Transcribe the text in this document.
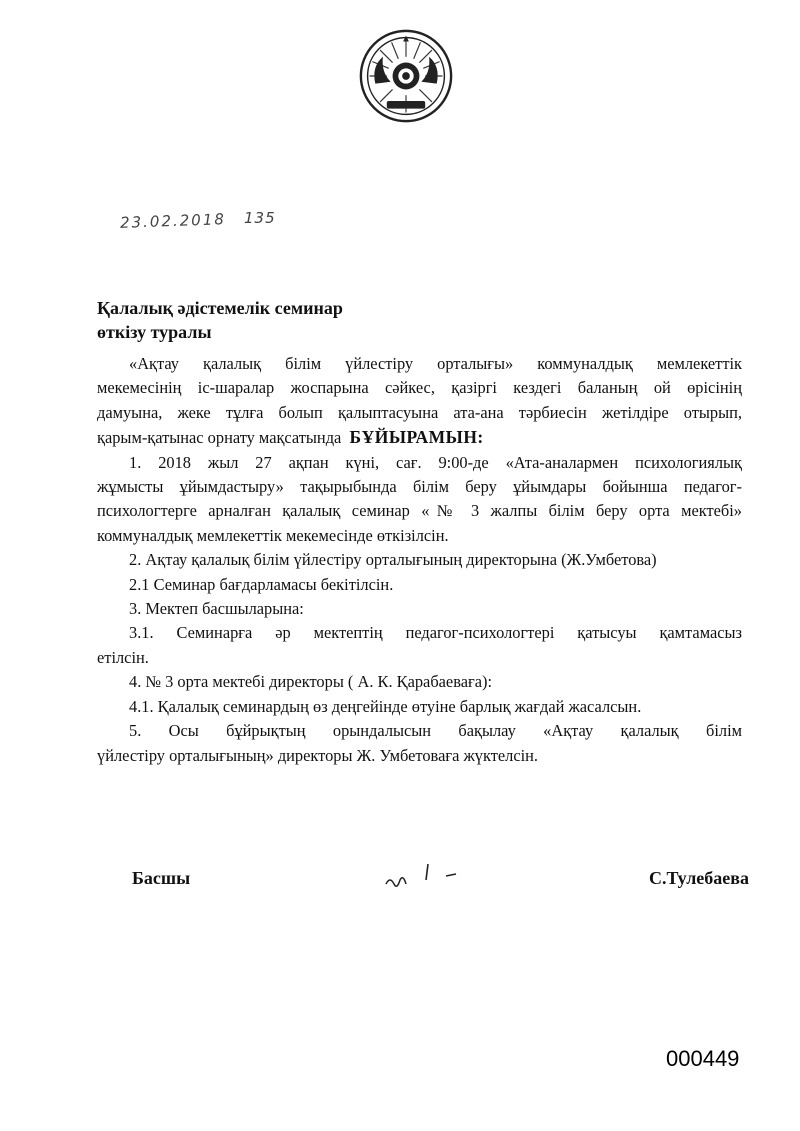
23.02.2018 135
Қалалық әдістемелік семинар
өткізу туралы

«Ақтау қалалық білім үйлестіру орталығы» коммуналдық мемлекеттік

мекемесінің іс-шаралар жоспарына сәйкес, қазіргі кездегі баланың ой өрісінің

дамуына, жеке тұлға болып қалыптасуына ата-ана тәрбиесін жетілдіре отырып,

қарым-қатынас орнату мақсатында БҰЙЫРАМЫН:

1. 2018 жыл 27 ақпан күні, сағ. 9:00-де «Ата-аналармен психологиялық

жұмысты ұйымдастыру» тақырыбында білім беру ұйымдары бойынша педагог-

психологтерге арналған қалалық семинар «№ 3 жалпы білім беру орта мектебі»

коммуналдық мемлекеттік мекемесінде өткізілсін.

2. Ақтау қалалық білім үйлестіру орталығының директорына (Ж.Умбетова)

2.1 Семинар бағдарламасы бекітілсін.

3. Мектеп басшыларына:

3.1. Семинарға әр мектептің педагог-психологтері қатысуы қамтамасыз

етілсін.

4. № 3 орта мектебі директоры ( А. К. Қарабаеваға):

4.1. Қалалық семинардың өз деңгейінде өтуіне барлық жағдай жасалсын.

5. Осы бұйрықтың орындалысын бақылау «Ақтау қалалық білім

үйлестіру орталығының» директоры Ж. Умбетоваға жүктелсін.

Басшы	С.Тулебаева
000449
